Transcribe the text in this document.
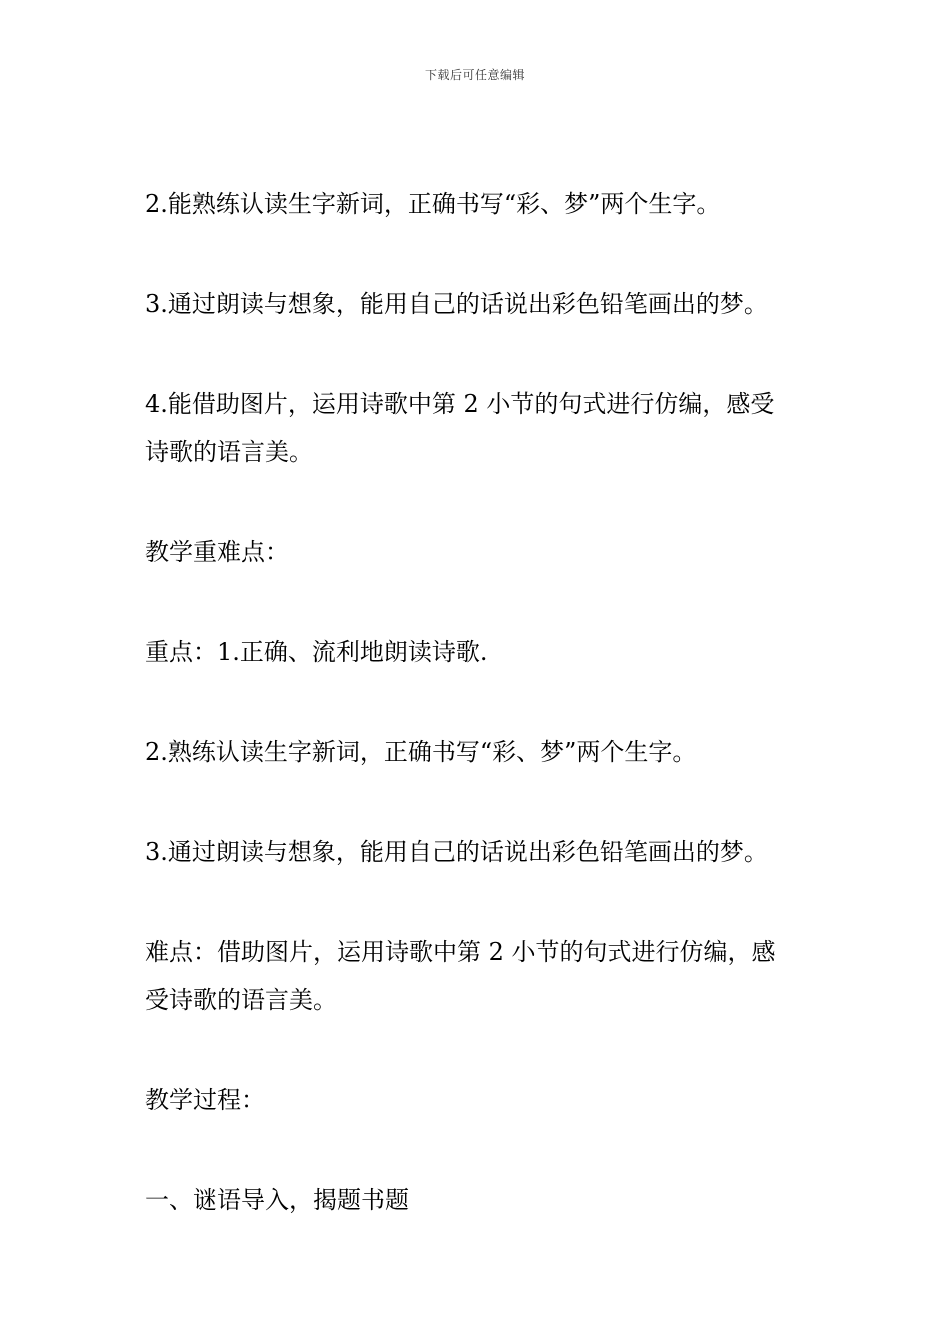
下载后可任意编辑

2.能熟练认读生字新词，正确书写“彩、梦”两个生字。

3.通过朗读与想象，能用自己的话说出彩色铅笔画出的梦。

4.能借助图片，运用诗歌中第 2 小节的句式进行仿编，感受
诗歌的语言美。

教学重难点：

重点：1.正确、流利地朗读诗歌.

2.熟练认读生字新词，正确书写“彩、梦”两个生字。

3.通过朗读与想象，能用自己的话说出彩色铅笔画出的梦。

难点：借助图片，运用诗歌中第 2 小节的句式进行仿编，感
受诗歌的语言美。

教学过程：

一、谜语导入，揭题书题
